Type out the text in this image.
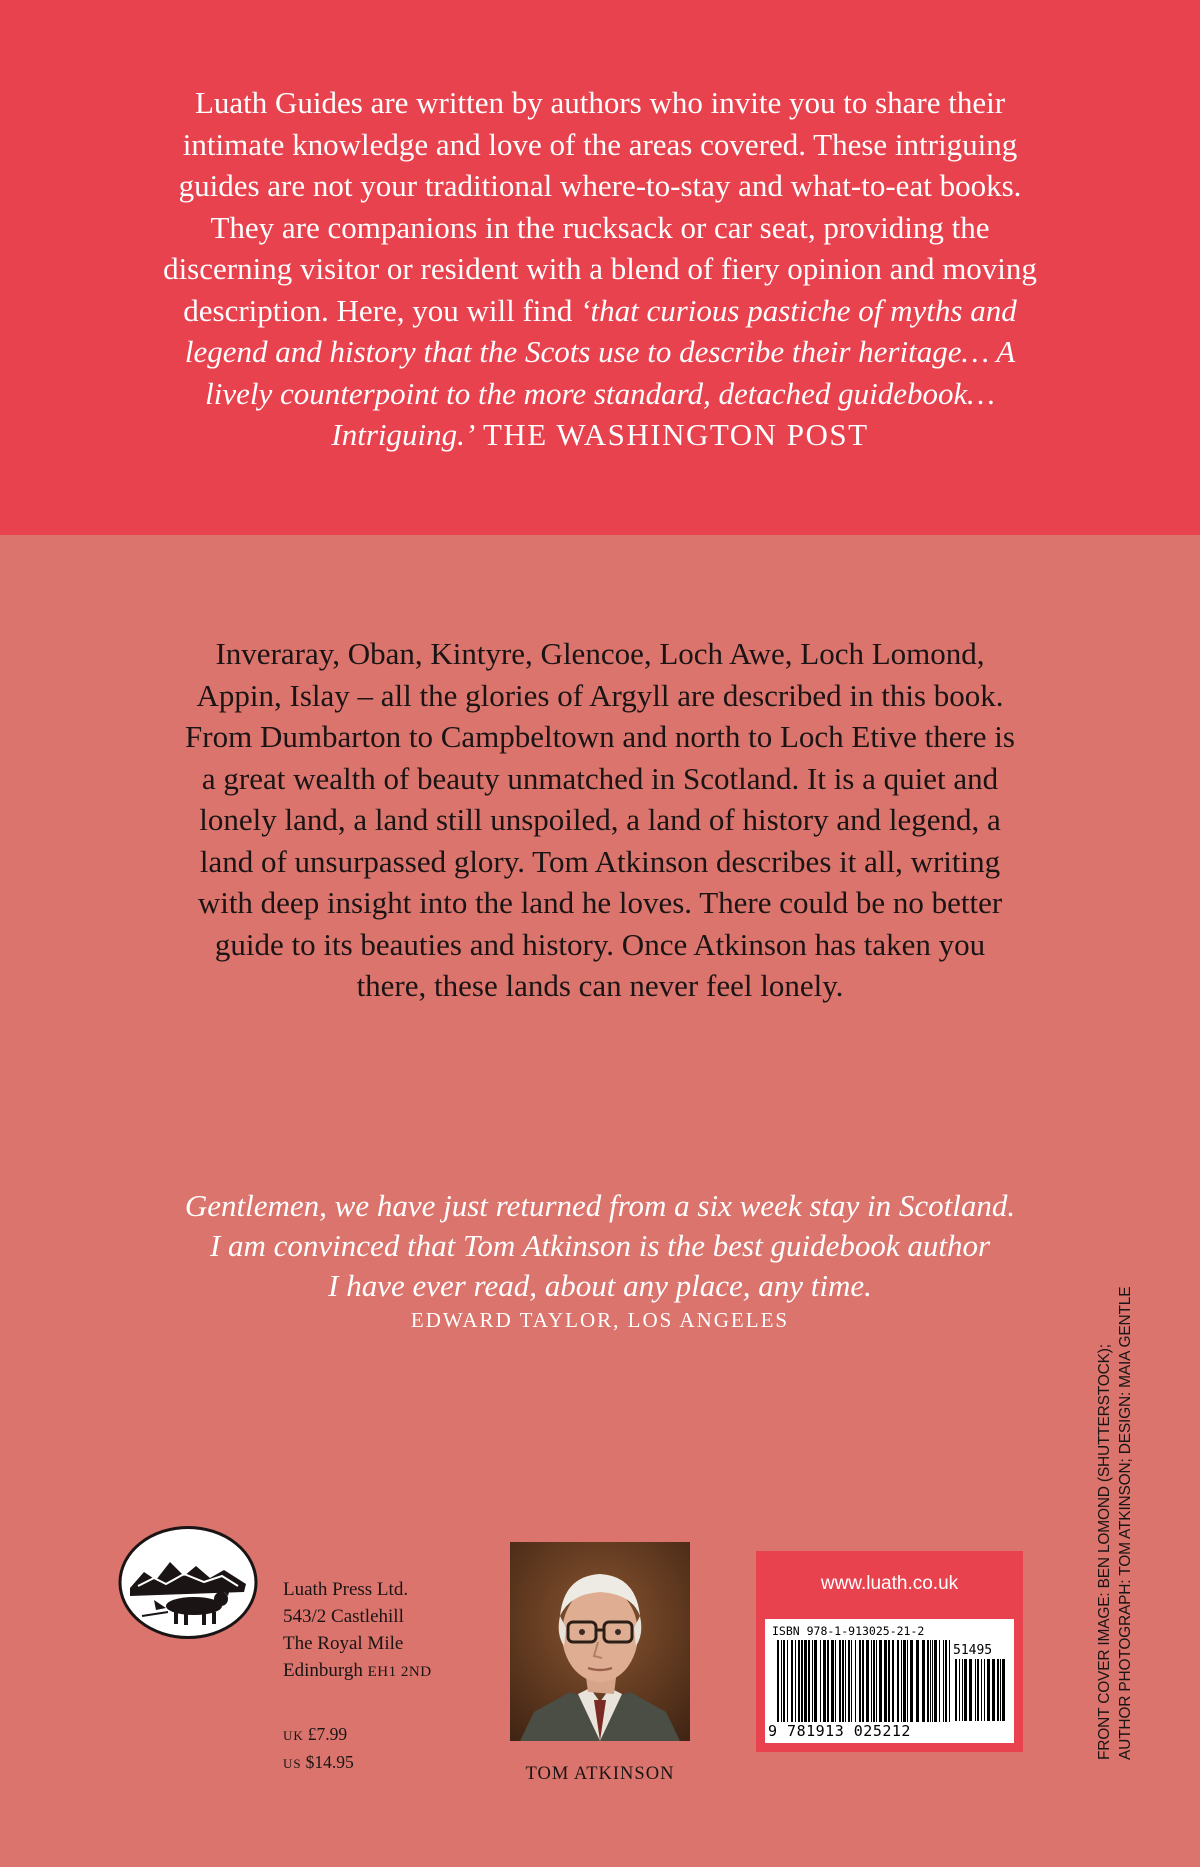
Luath Guides are written by authors who invite you to share their intimate knowledge and love of the areas covered. These intriguing guides are not your traditional where-to-stay and what-to-eat books. They are companions in the rucksack or car seat, providing the discerning visitor or resident with a blend of fiery opinion and moving description. Here, you will find ‘that curious pastiche of myths and legend and history that the Scots use to describe their heritage… A lively counterpoint to the more standard, detached guidebook… Intriguing.’ THE WASHINGTON POST
Inveraray, Oban, Kintyre, Glencoe, Loch Awe, Loch Lomond, Appin, Islay – all the glories of Argyll are described in this book. From Dumbarton to Campbeltown and north to Loch Etive there is a great wealth of beauty unmatched in Scotland. It is a quiet and lonely land, a land still unspoiled, a land of history and legend, a land of unsurpassed glory. Tom Atkinson describes it all, writing with deep insight into the land he loves. There could be no better guide to its beauties and history. Once Atkinson has taken you there, these lands can never feel lonely.
Gentlemen, we have just returned from a six week stay in Scotland.
I am convinced that Tom Atkinson is the best guidebook author
I have ever read, about any place, any time.
EDWARD TAYLOR, LOS ANGELES
Luath Press Ltd.
543/2 Castlehill
The Royal Mile
Edinburgh EH1 2ND
UK £7.99
US $14.95
TOM ATKINSON
www.luath.co.uk
ISBN 978-1-913025-21-2
51495
9 781913 025212	FRONT COVER IMAGE: BEN LOMOND (SHUTTERSTOCK); AUTHOR PHOTOGRAPH: TOM ATKINSON; DESIGN: MAIA GENTLE
